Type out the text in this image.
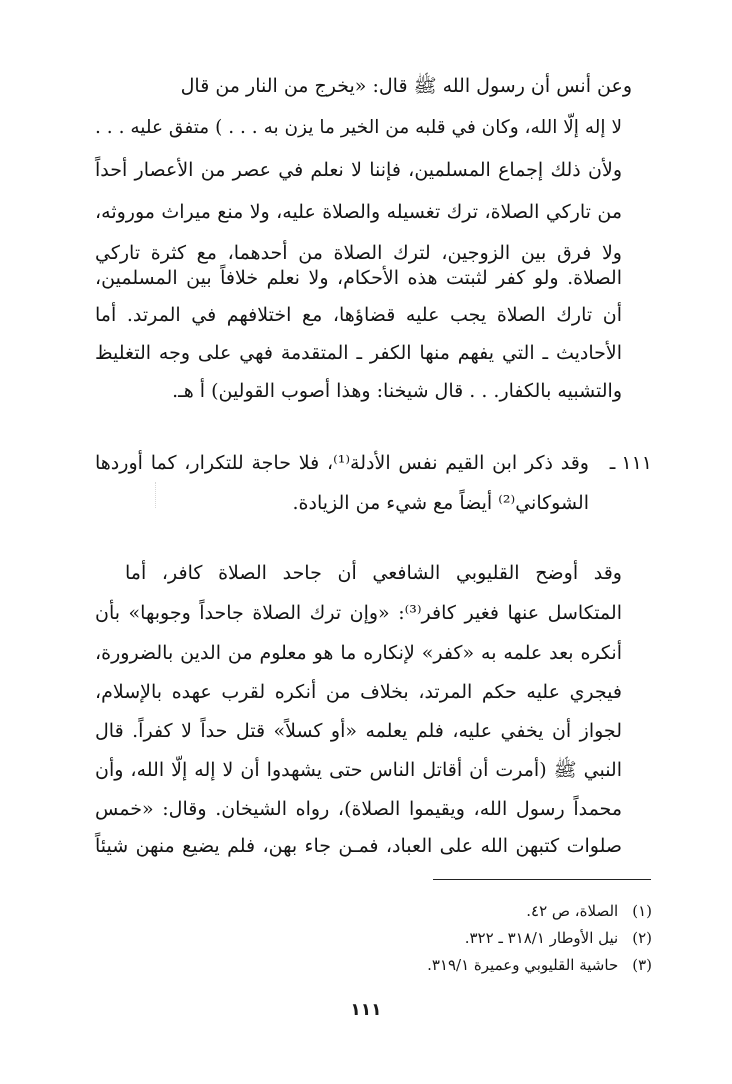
وعن أنس أن رسول الله ﷺ قال: «يخرج من النار من قال
لا إله إلّا الله، وكان في قلبه من الخير ما يزن به . . . ) متفق عليه . . .
ولأن ذلك إجماع المسلمين، فإننا لا نعلم في عصر من الأعصار أحداً
من تاركي الصلاة، ترك تغسيله والصلاة عليه، ولا منع ميراث موروثه،
ولا فرق بين الزوجين، لترك الصلاة من أحدهما، مع كثرة تاركي
الصلاة. ولو كفر لثبتت هذه الأحكام، ولا نعلم خلافاً بين المسلمين،
أن تارك الصلاة يجب عليه قضاؤها، مع اختلافهم في المرتد. أما
الأحاديث ـ التي يفهم منها الكفر ـ المتقدمة فهي على وجه التغليظ
والتشبيه بالكفار. . . قال شيخنا: وهذا أصوب القولين) أ هـ.
١١١ ـ
وقد ذكر ابن القيم نفس الأدلة⁽¹⁾، فلا حاجة للتكرار، كما أوردها
الشوكاني⁽²⁾ أيضاً مع شيء من الزيادة.
وقد أوضح القليوبي الشافعي أن جاحد الصلاة كافر، أما
المتكاسل عنها فغير كافر⁽³⁾: «وإن ترك الصلاة جاحداً وجوبها» بأن
أنكره بعد علمه به «كفر» لإنكاره ما هو معلوم من الدين بالضرورة،
فيجري عليه حكم المرتد، بخلاف من أنكره لقرب عهده بالإسلام،
لجواز أن يخفي عليه، فلم يعلمه «أو كسلاً» قتل حداً لا كفراً. قال
النبي ﷺ (أمرت أن أقاتل الناس حتى يشهدوا أن لا إله إلّا الله، وأن
محمداً رسول الله، ويقيموا الصلاة)، رواه الشيخان. وقال: «خمس
صلوات كتبهن الله على العباد، فمـن جاء بهن، فلم يضيع منهن شيئاً
(١)الصلاة، ص ٤٢.
(٢)نيل الأوطار ٣١٨/١ ـ ٣٢٢.
(٣)حاشية القليوبي وعميرة ٣١٩/١.
١١١
